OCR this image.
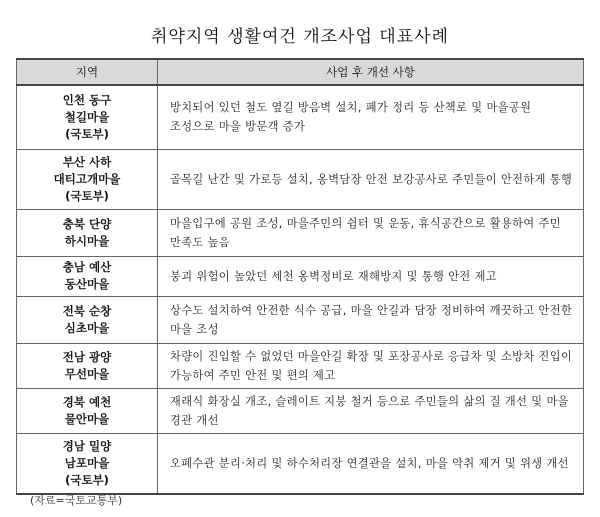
취약지역 생활여건 개조사업 대표사례
지역	사업 후 개선 사항

인천 동구
철길마을
(국토부)	방치되어 있던 철도 옆길 방음벽 설치, 폐가 정리 등 산책로 및 마을공원 조성으로 마을 방문객 증가

부산 사하
대티고개마을
(국토부)	골목길 난간 및 가로등 설치, 옹벽담장 안전 보강공사로 주민들이 안전하게 통행

충북 단양
하시마을	마을입구에 공원 조성, 마을주민의 쉼터 및 운동, 휴식공간으로 활용하여 주민 만족도 높음

충남 예산
동산마을	붕괴 위험이 높았던 세천 옹벽정비로 재해방지 및 통행 안전 제고

전북 순창
심초마을	상수도 설치하여 안전한 식수 공급, 마을 안길과 담장 정비하여 깨끗하고 안전한 마을 조성

전남 광양
무선마을	차량이 진입할 수 없었던 마을안길 확장 및 포장공사로 응급차 및 소방차 진입이 가능하여 주민 안전 및 편의 제고

경북 예천
물안마을	재래식 화장실 개조, 슬레이트 지붕 철거 등으로 주민들의 삶의 질 개선 및 마을 경관 개선

경남 밀양
남포마을
(국토부)	오폐수관 분리·처리 및 하수처리장 연결관을 설치, 마을 악취 제거 및 위생 개선
(자료=국토교통부)
